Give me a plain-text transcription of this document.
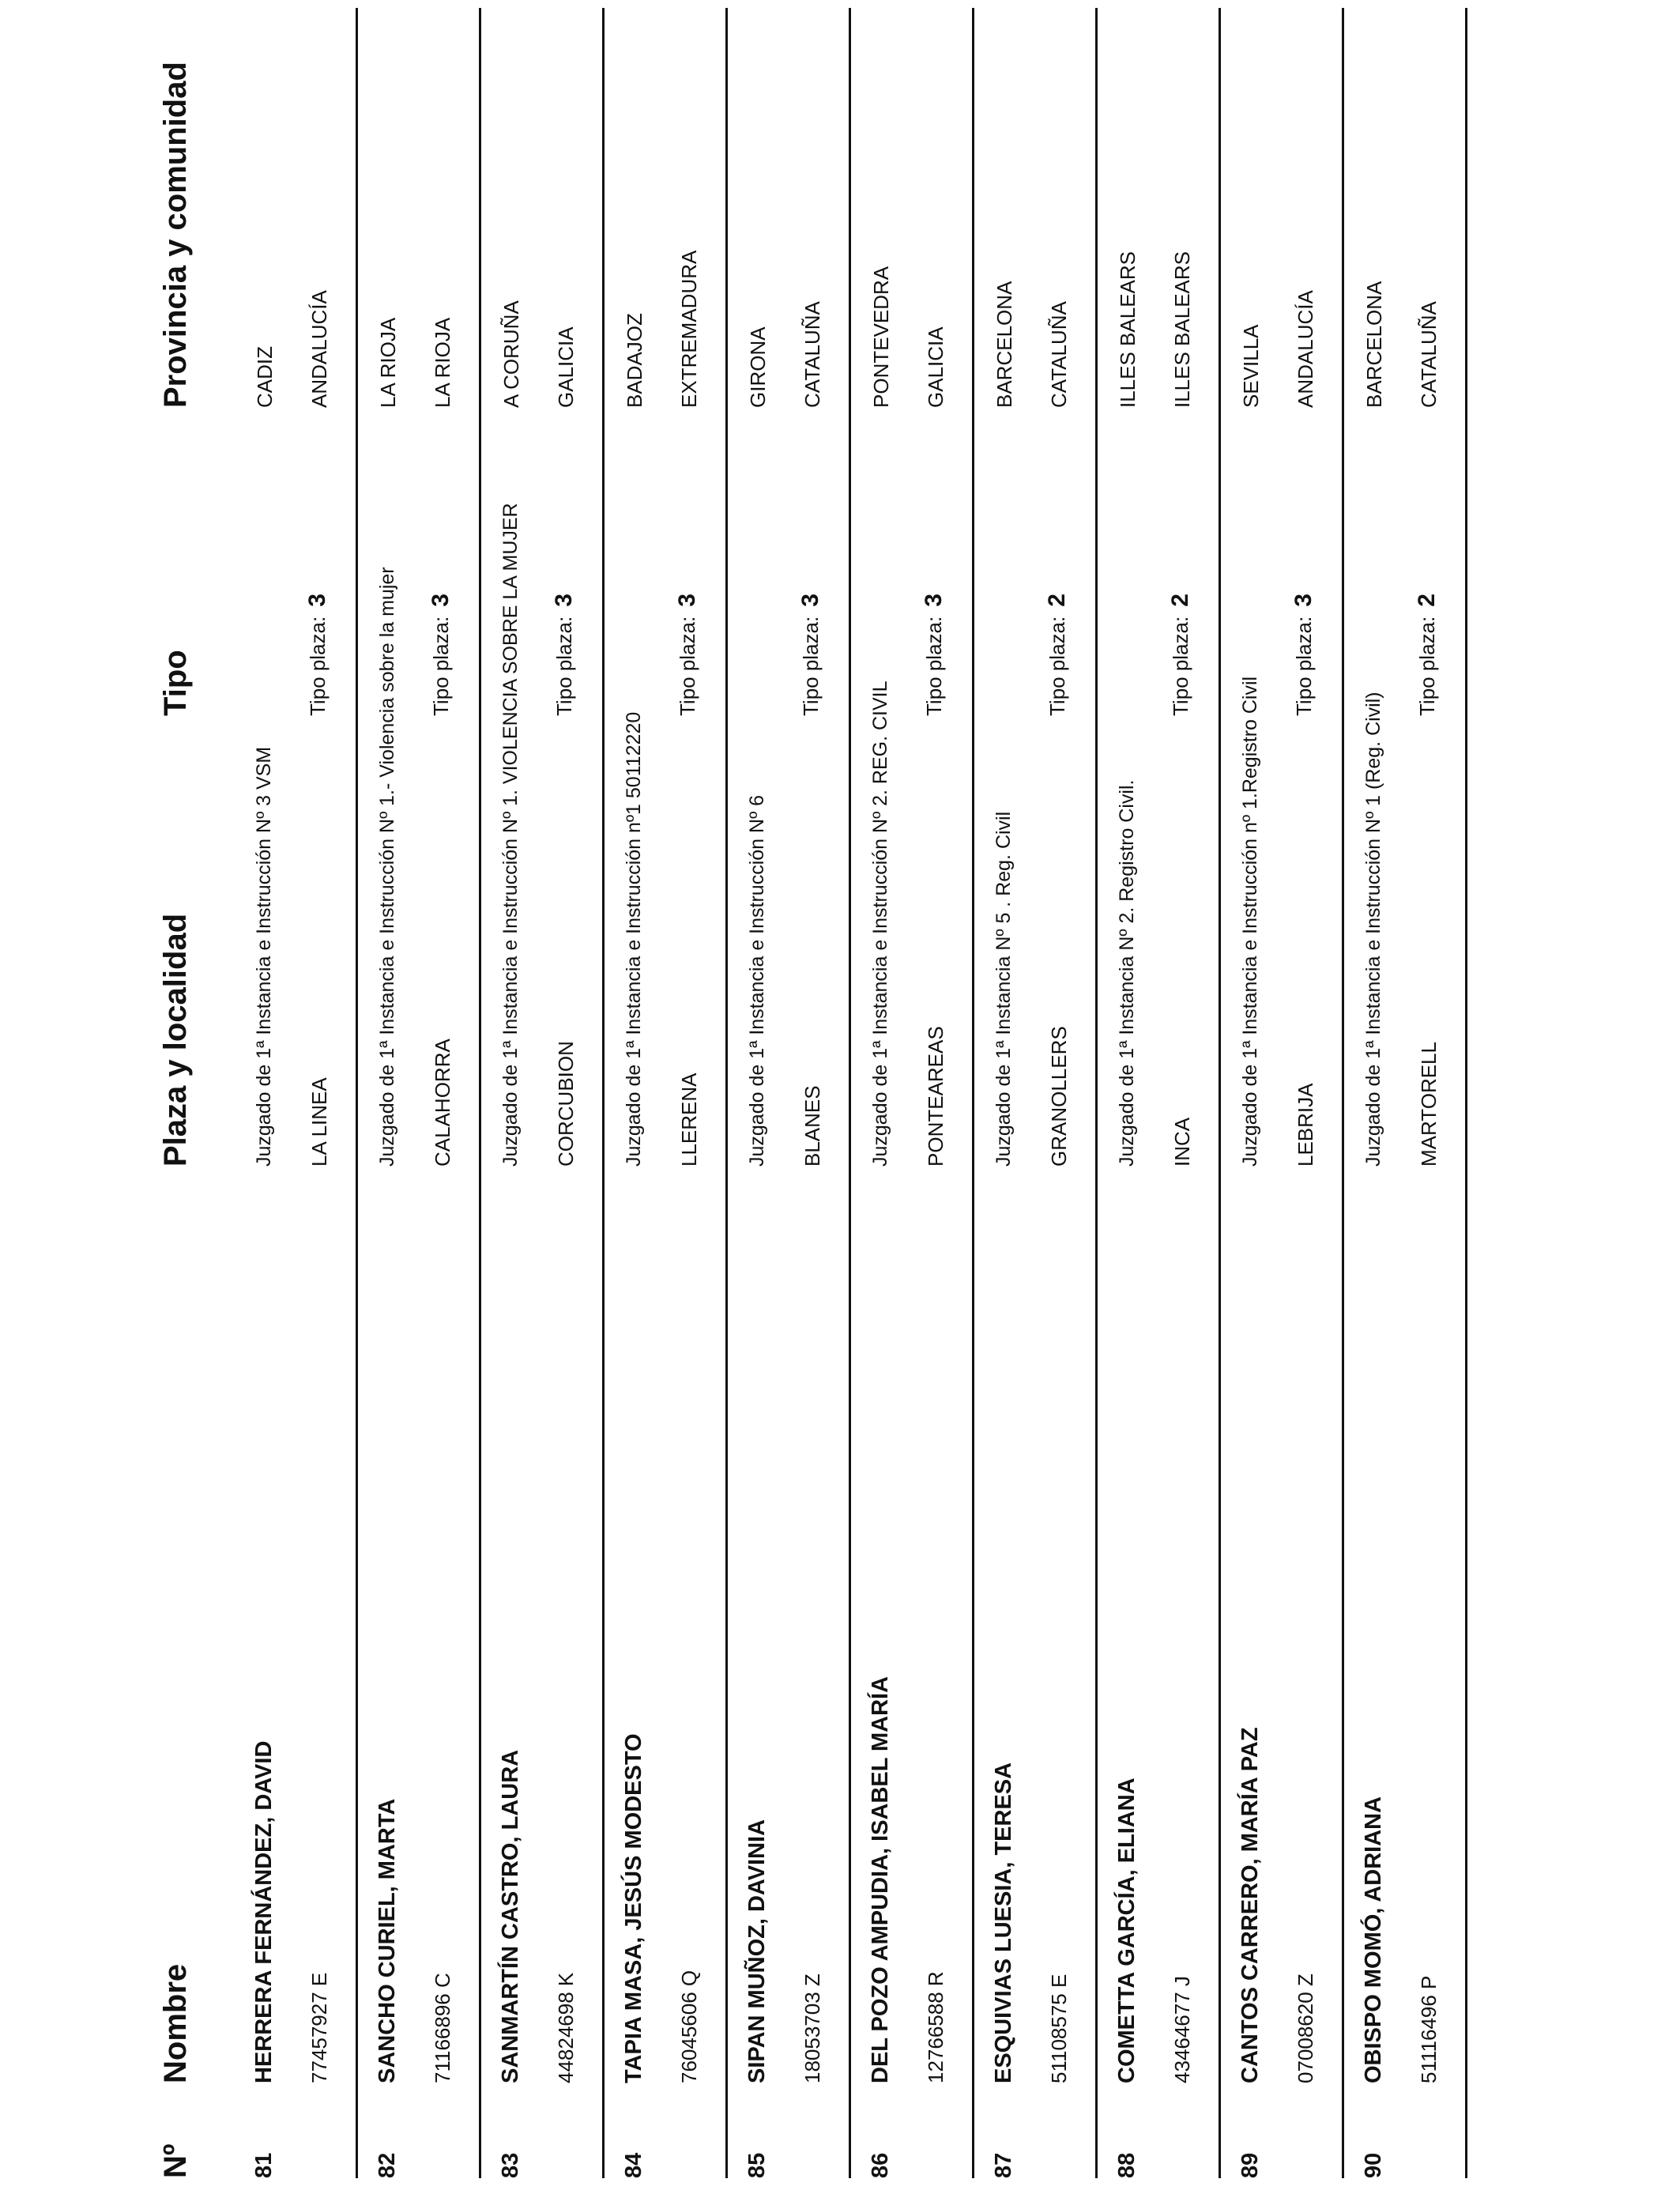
Nº
Nombre
Plaza y localidad
Tipo
Provincia y comunidad
81
HERRERA FERNÁNDEZ, DAVID 77457927 E
Juzgado de 1ª Instancia e Instrucción Nº 3 VSM LA LINEA
Tipo plaza:3
CADIZ ANDALUCÍA
82
SANCHO CURIEL, MARTA 71166896 C
Juzgado de 1ª Instancia e Instrucción Nº 1.- Violencia sobre la mujer CALAHORRA
Tipo plaza:3
LA RIOJA LA RIOJA
83
SANMARTÍN CASTRO, LAURA 44824698 K
Juzgado de 1ª Instancia e Instrucción Nº 1. VIOLENCIA SOBRE LA MUJER CORCUBION
Tipo plaza:3
A CORUÑA GALICIA
84
TAPIA MASA, JESÚS MODESTO 76045606 Q
Juzgado de 1ª Instancia e Instrucción nº1 50112220 LLERENA
Tipo plaza:3
BADAJOZ EXTREMADURA
85
SIPAN MUÑOZ, DAVINIA 18053703 Z
Juzgado de 1ª Instancia e Instrucción Nº 6 BLANES
Tipo plaza:3
GIRONA CATALUÑA
86
DEL POZO AMPUDIA, ISABEL MARÍA 12766588 R
Juzgado de 1ª Instancia e Instrucción Nº 2. REG. CIVIL PONTEAREAS
Tipo plaza:3
PONTEVEDRA GALICIA
87
ESQUIVIAS LUESIA, TERESA 51108575 E
Juzgado de 1ª Instancia Nº 5 . Reg. Civil GRANOLLERS
Tipo plaza:2
BARCELONA CATALUÑA
88
COMETTA GARCÍA, ELIANA 43464677 J
Juzgado de 1ª Instancia Nº 2. Registro Civil. INCA
Tipo plaza:2
ILLES BALEARS ILLES BALEARS
89
CANTOS CARRERO, MARÍA PAZ 07008620 Z
Juzgado de 1ª Instancia e Instrucción nº 1.Registro Civil LEBRIJA
Tipo plaza:3
SEVILLA ANDALUCÍA
90
OBISPO MOMÓ, ADRIANA 51116496 P
Juzgado de 1ª Instancia e Instrucción Nº 1 (Reg. Civil) MARTORELL
Tipo plaza:2
BARCELONA CATALUÑA
